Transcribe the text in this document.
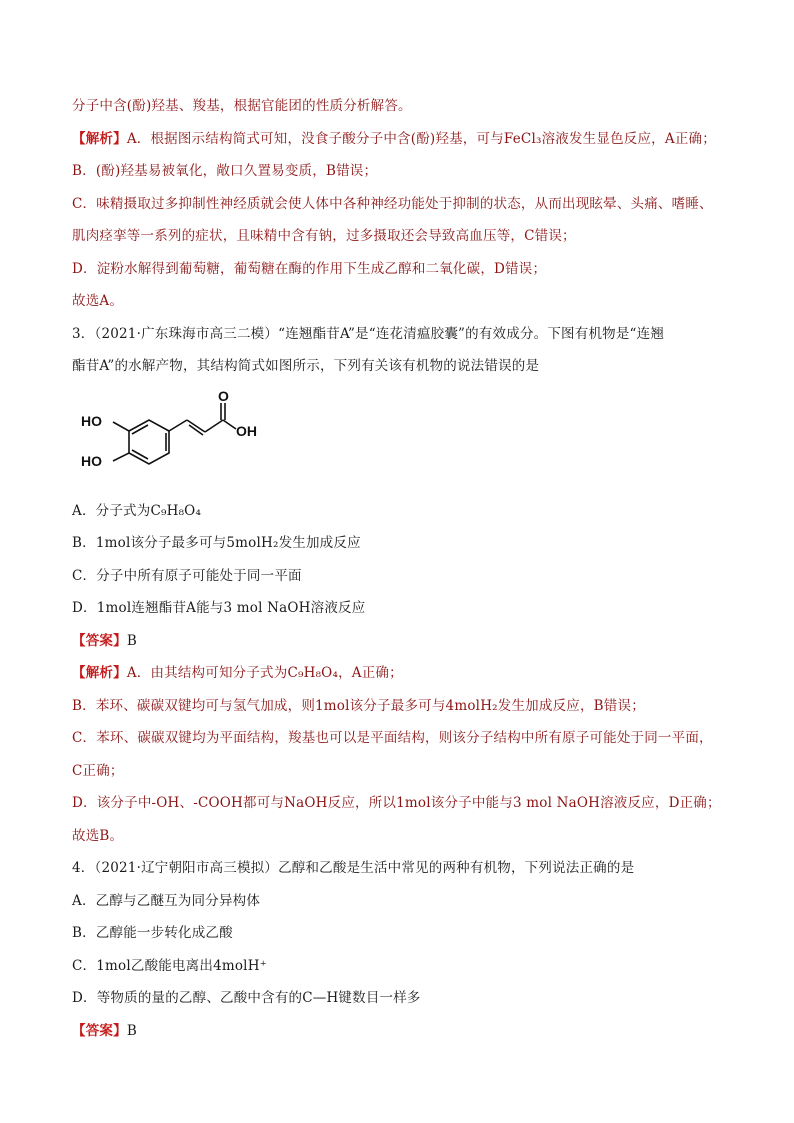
分子中含(酚)羟基、羧基，根据官能团的性质分析解答。
【解析】A．根据图示结构简式可知，没食子酸分子中含(酚)羟基，可与FeCl₃溶液发生显色反应，A正确；
B．(酚)羟基易被氧化，敞口久置易变质，B错误；
C．味精摄取过多抑制性神经质就会使人体中各种神经功能处于抑制的状态，从而出现眩晕、头痛、嗜睡、
肌肉痉挛等一系列的症状，且味精中含有钠，过多摄取还会导致高血压等，C错误；
D．淀粉水解得到葡萄糖，葡萄糖在酶的作用下生成乙醇和二氧化碳，D错误；
故选A。
3．（2021·广东珠海市高三二模）“连翘酯苷A”是“连花清瘟胶囊”的有效成分。下图有机物是“连翘
酯苷A”的水解产物，其结构简式如图所示，下列有关该有机物的说法错误的是
HO
HO
O
OH
A．分子式为C₉H₈O₄
B．1mol该分子最多可与5molH₂发生加成反应
C．分子中所有原子可能处于同一平面
D．1mol连翘酯苷A能与3 mol NaOH溶液反应
【答案】B
【解析】A．由其结构可知分子式为C₉H₈O₄，A正确；
B．苯环、碳碳双键均可与氢气加成，则1mol该分子最多可与4molH₂发生加成反应，B错误；
C．苯环、碳碳双键均为平面结构，羧基也可以是平面结构，则该分子结构中所有原子可能处于同一平面，
C正确；
D．该分子中-OH、-COOH都可与NaOH反应，所以1mol该分子中能与3 mol NaOH溶液反应，D正确；
故选B。
4．（2021·辽宁朝阳市高三模拟）乙醇和乙酸是生活中常见的两种有机物，下列说法正确的是
A．乙醇与乙醚互为同分异构体
B．乙醇能一步转化成乙酸
C．1mol乙酸能电离出4molH⁺
D．等物质的量的乙醇、乙酸中含有的C—H键数目一样多
【答案】B
